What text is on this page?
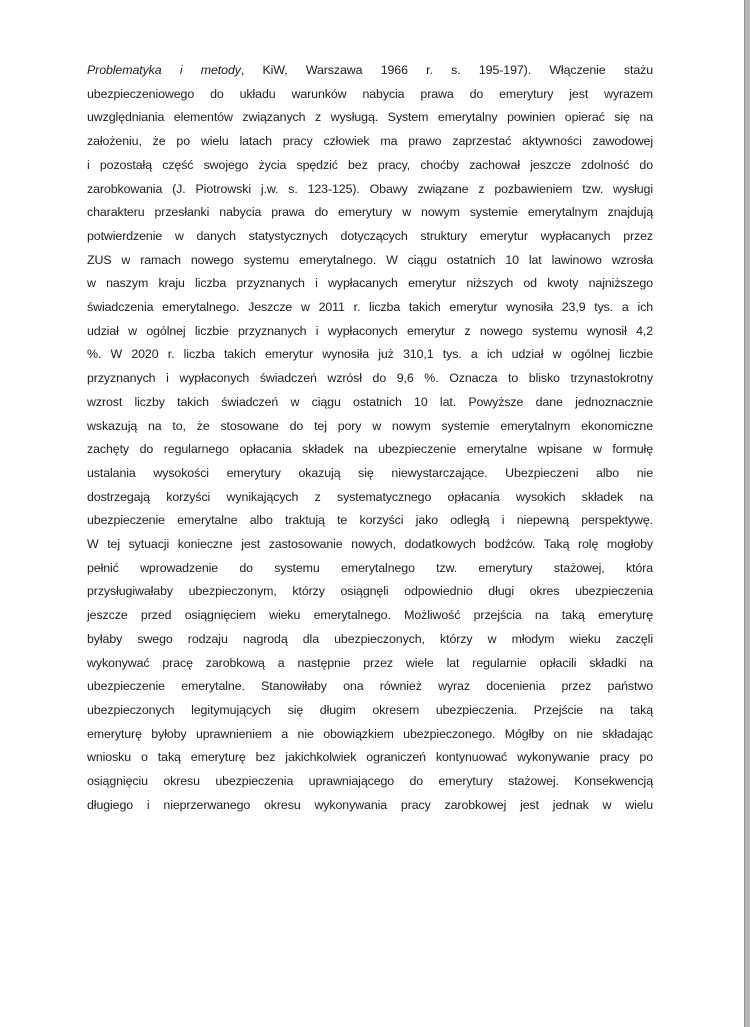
Problematyka i metody, KiW, Warszawa 1966 r. s. 195-197). Włączenie stażu
ubezpieczeniowego do układu warunków nabycia prawa do emerytury jest wyrazem
uwzględniania elementów związanych z wysługą. System emerytalny powinien opierać się na
założeniu, że po wielu latach pracy człowiek ma prawo zaprzestać aktywności zawodowej
i pozostałą część swojego życia spędzić bez pracy, choćby zachował jeszcze zdolność do
zarobkowania (J. Piotrowski j.w. s. 123-125). Obawy związane z pozbawieniem tzw. wysługi
charakteru przesłanki nabycia prawa do emerytury w nowym systemie emerytalnym znajdują
potwierdzenie w danych statystycznych dotyczących struktury emerytur wypłacanych przez
ZUS w ramach nowego systemu emerytalnego. W ciągu ostatnich 10 lat lawinowo wzrosła
w naszym kraju liczba przyznanych i wypłacanych emerytur niższych od kwoty najniższego
świadczenia emerytalnego. Jeszcze w 2011 r. liczba takich emerytur wynosiła 23,9 tys. a ich
udział w ogólnej liczbie przyznanych i wypłaconych emerytur z nowego systemu wynosił 4,2
%. W 2020 r. liczba takich emerytur wynosiła już 310,1 tys. a ich udział w ogólnej liczbie
przyznanych i wypłaconych świadczeń wzrósł do 9,6 %. Oznacza to blisko trzynastokrotny
wzrost liczby takich świadczeń w ciągu ostatnich 10 lat. Powyższe dane jednoznacznie
wskazują na to, że stosowane do tej pory w nowym systemie emerytalnym ekonomiczne
zachęty do regularnego opłacania składek na ubezpieczenie emerytalne wpisane w formułę
ustalania wysokości emerytury okazują się niewystarczające. Ubezpieczeni albo nie
dostrzegają korzyści wynikających z systematycznego opłacania wysokich składek na
ubezpieczenie emerytalne albo traktują te korzyści jako odległą i niepewną perspektywę.
W tej sytuacji konieczne jest zastosowanie nowych, dodatkowych bodźców. Taką rolę mogłoby
pełnić wprowadzenie do systemu emerytalnego tzw. emerytury stażowej, która
przysługiwałaby ubezpieczonym, którzy osiągnęli odpowiednio długi okres ubezpieczenia
jeszcze przed osiągnięciem wieku emerytalnego. Możliwość przejścia na taką emeryturę
byłaby swego rodzaju nagrodą dla ubezpieczonych, którzy w młodym wieku zaczęli
wykonywać pracę zarobkową a następnie przez wiele lat regularnie opłacili składki na
ubezpieczenie emerytalne. Stanowiłaby ona również wyraz docenienia przez państwo
ubezpieczonych legitymujących się długim okresem ubezpieczenia. Przejście na taką
emeryturę byłoby uprawnieniem a nie obowiązkiem ubezpieczonego. Mógłby on nie składając
wniosku o taką emeryturę bez jakichkolwiek ograniczeń kontynuować wykonywanie pracy po
osiągnięciu okresu ubezpieczenia uprawniającego do emerytury stażowej. Konsekwencją
długiego i nieprzerwanego okresu wykonywania pracy zarobkowej jest jednak w wielu
